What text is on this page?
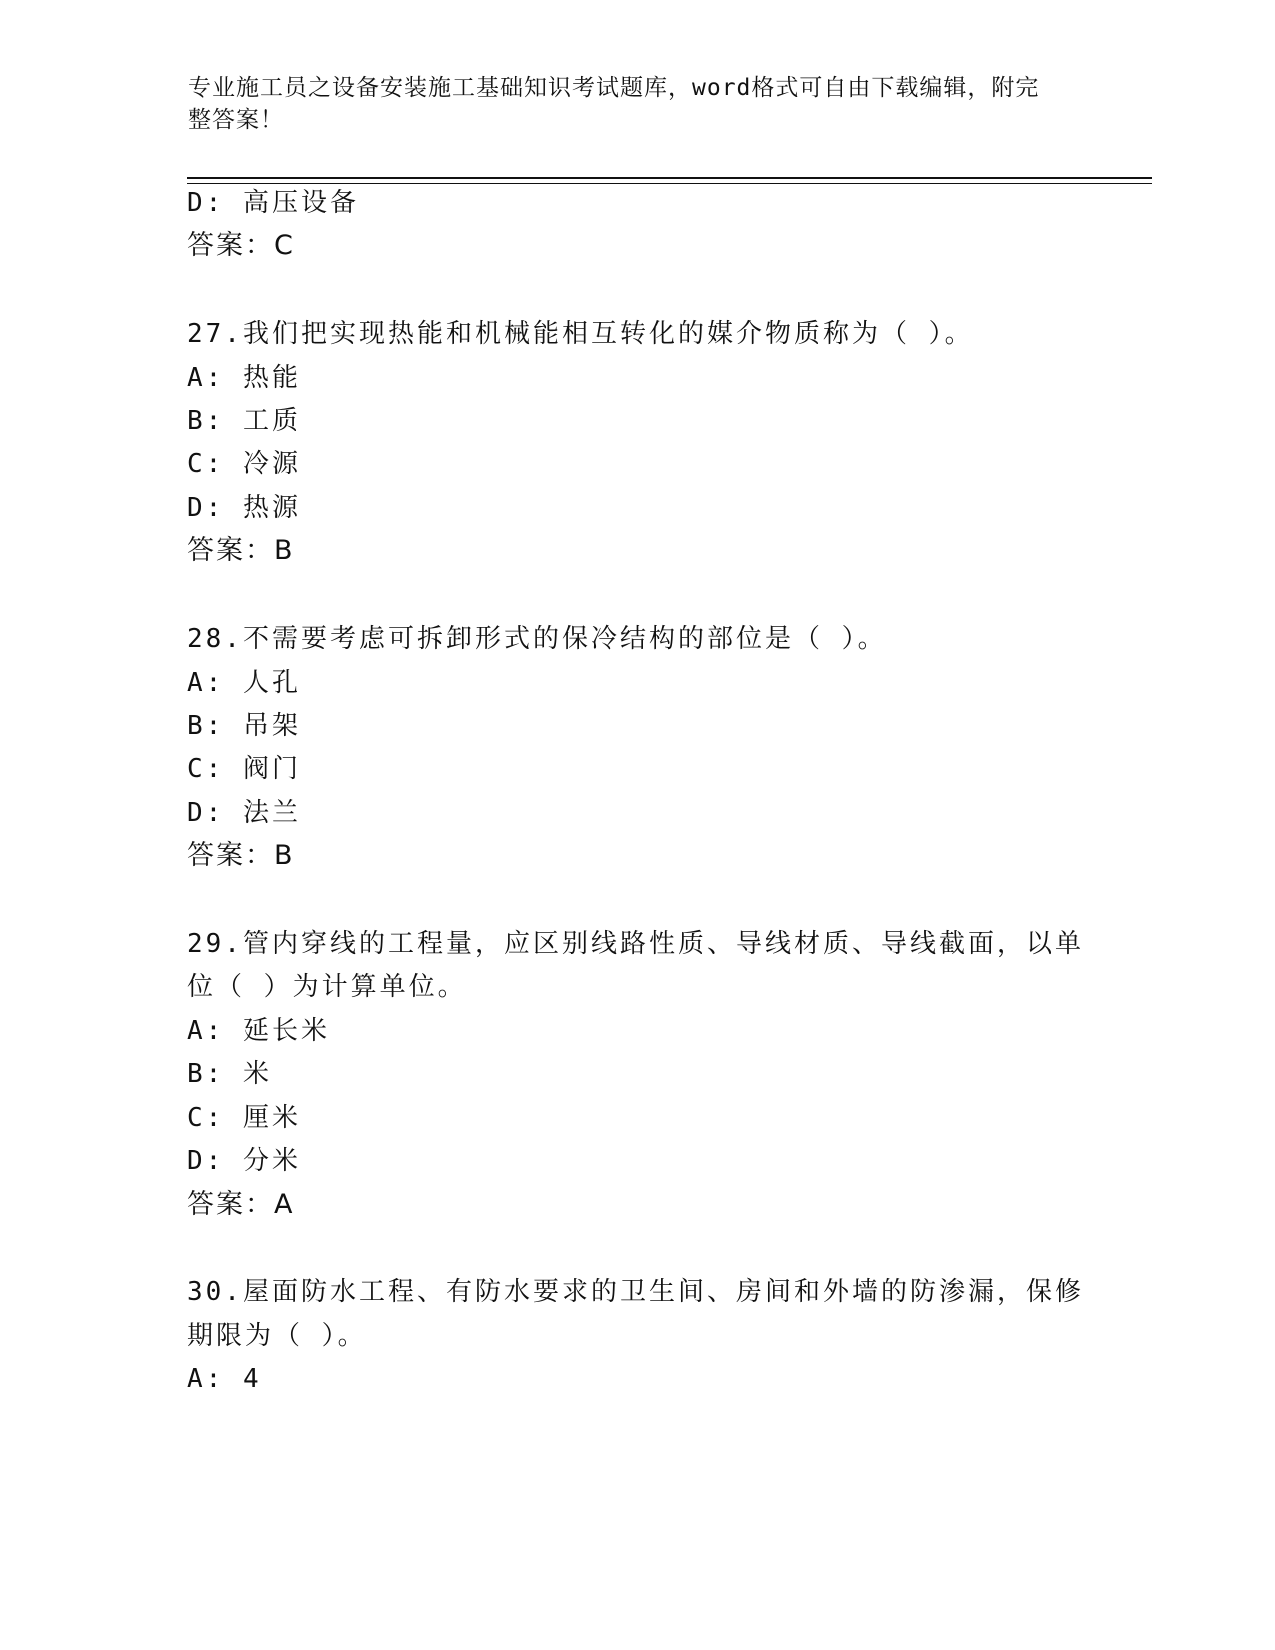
专业施工员之设备安装施工基础知识考试题库，word格式可自由下载编辑，附完
整答案！
D: 高压设备
答案：C
27.我们把实现热能和机械能相互转化的媒介物质称为（ ）。
A: 热能
B: 工质
C: 冷源
D: 热源
答案：B
28.不需要考虑可拆卸形式的保冷结构的部位是（ ）。
A: 人孔
B: 吊架
C: 阀门
D: 法兰
答案：B
29.管内穿线的工程量，应区别线路性质、导线材质、导线截面，以单
位（ ）为计算单位。
A: 延长米
B: 米
C: 厘米
D: 分米
答案：A
30.屋面防水工程、有防水要求的卫生间、房间和外墙的防渗漏，保修
期限为（ ）。
A: 4
